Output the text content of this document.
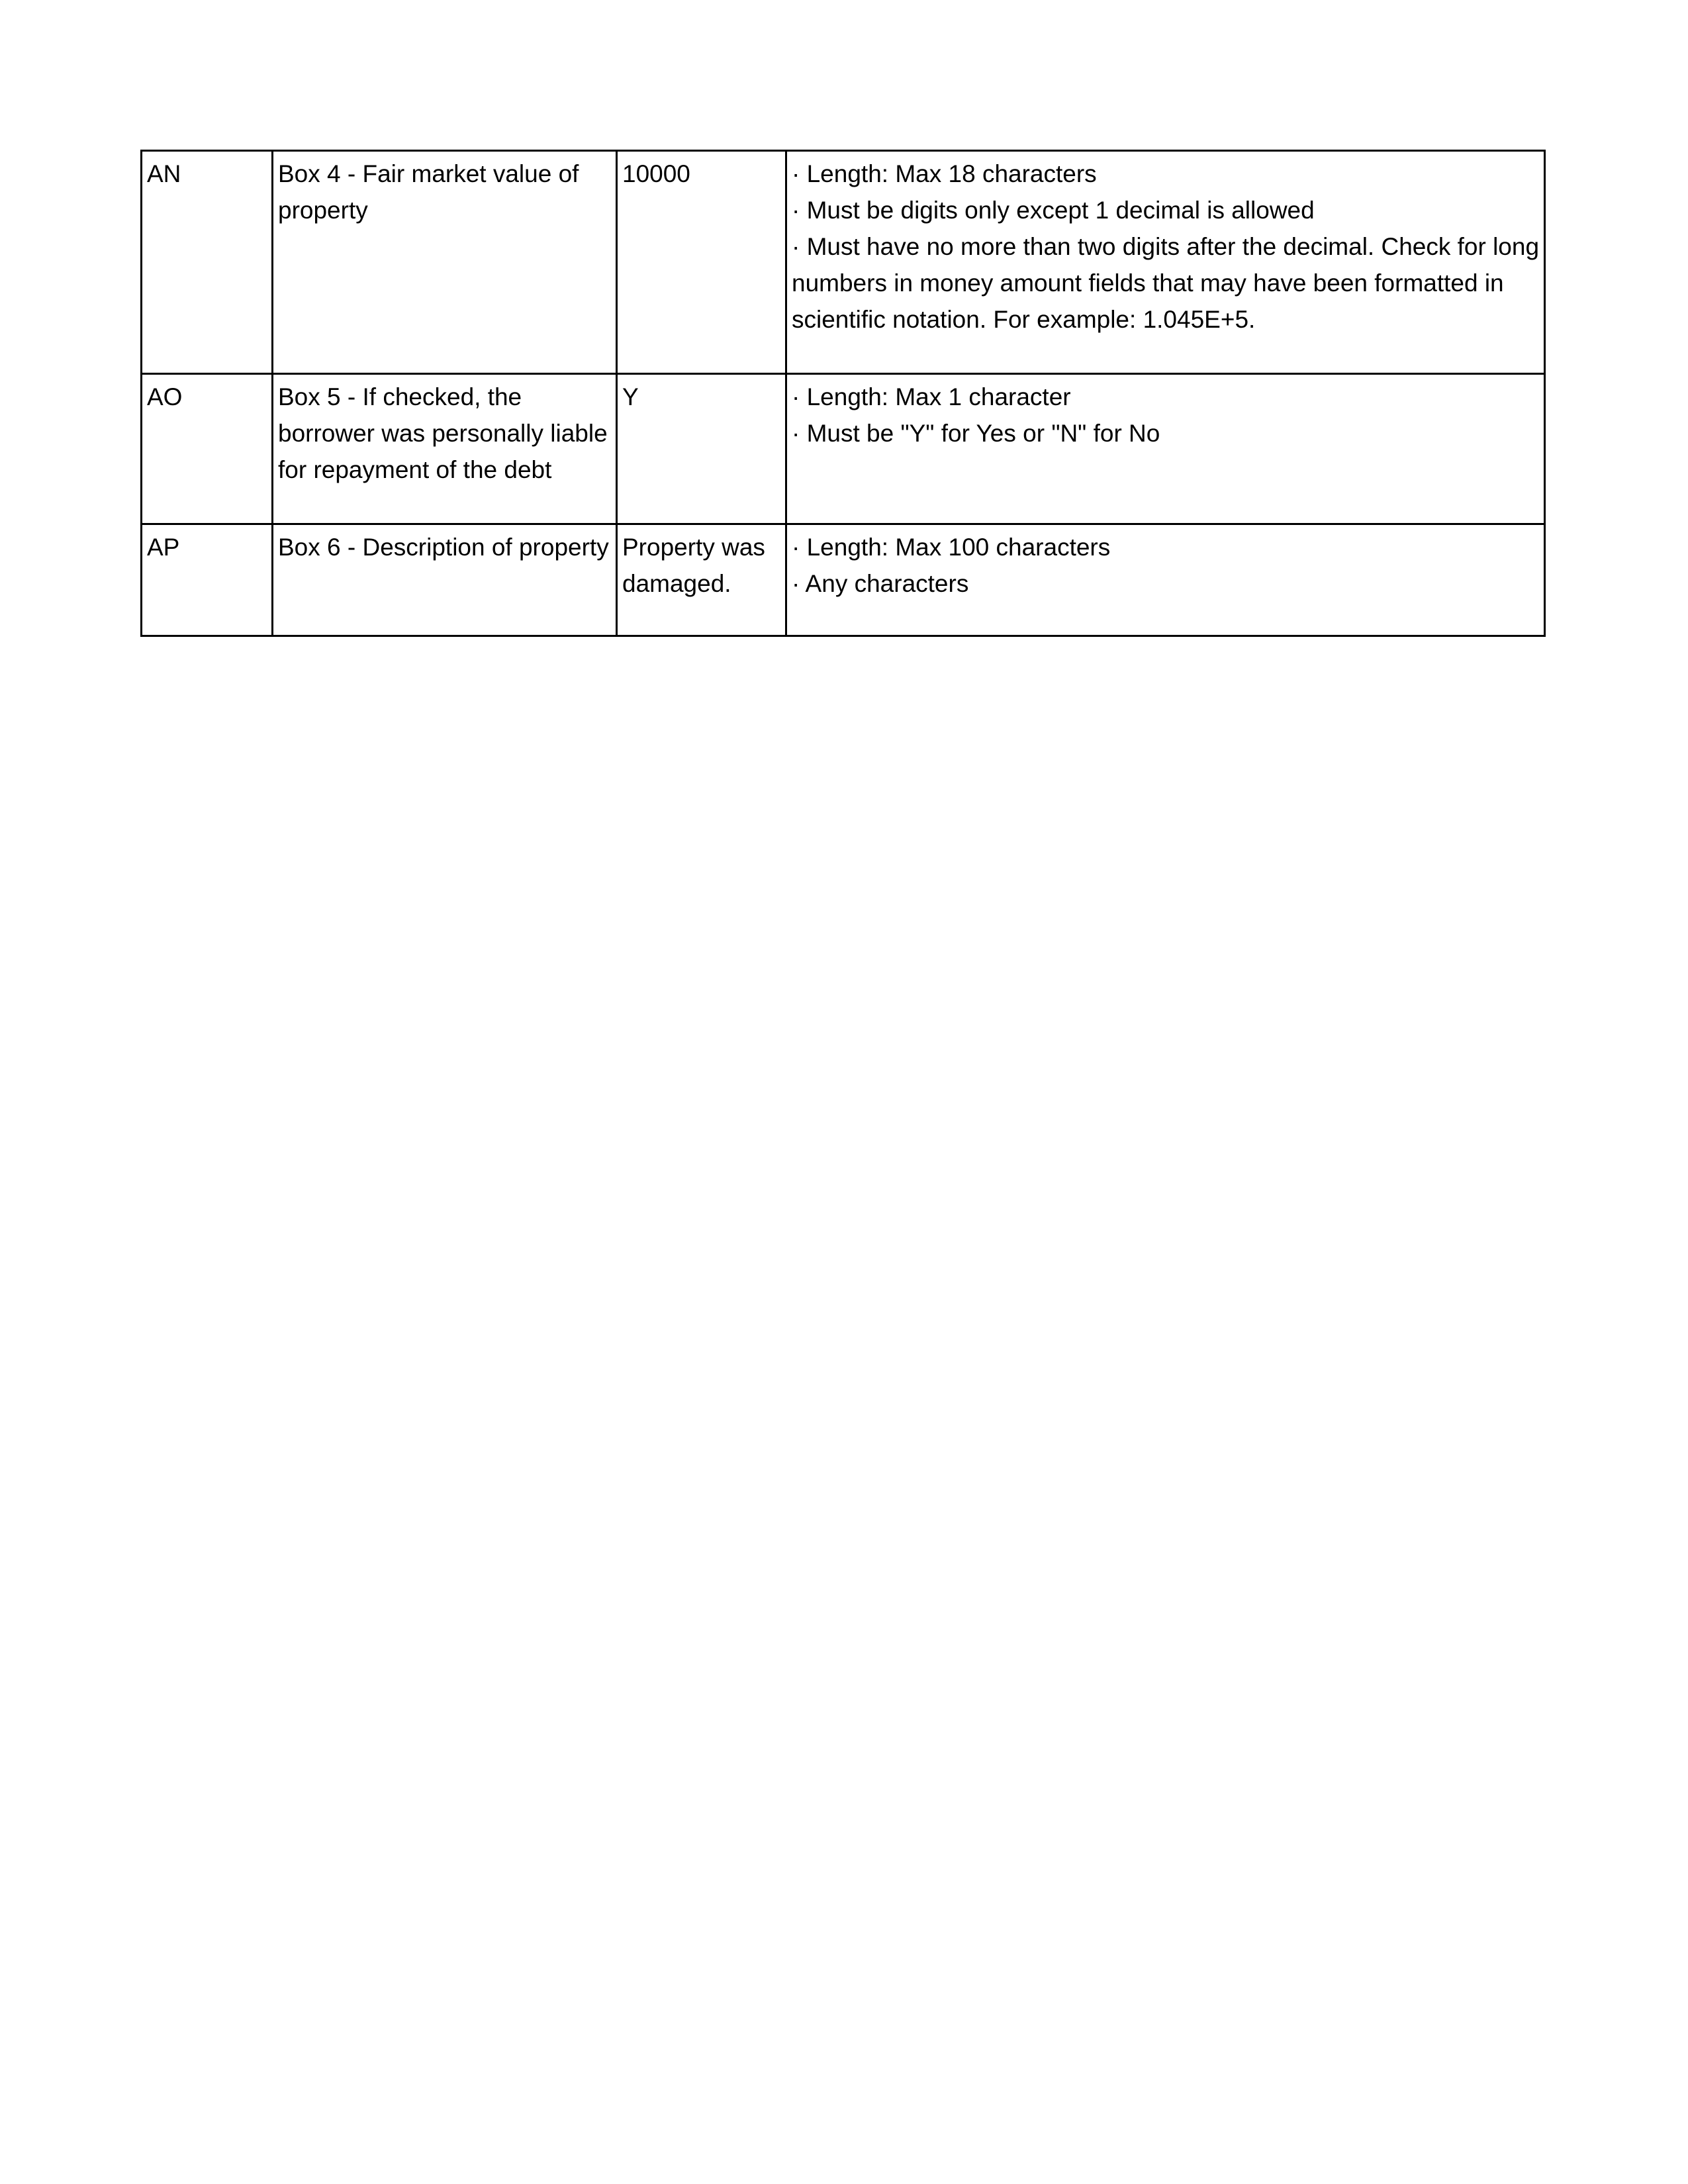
AN	Box 4 - Fair market value of property	10000	· Length: Max 18 characters
· Must be digits only except 1 decimal is allowed
· Must have no more than two digits after the decimal. Check for long numbers in money amount fields that may have been formatted in scientific notation. For example: 1.045E+5.

AO	Box 5 - If checked, the borrower was personally liable for repayment of the debt	Y	· Length: Max 1 character
· Must be "Y" for Yes or "N" for No

AP	Box 6 - Description of property	Property was damaged.	· Length: Max 100 characters
· Any characters
